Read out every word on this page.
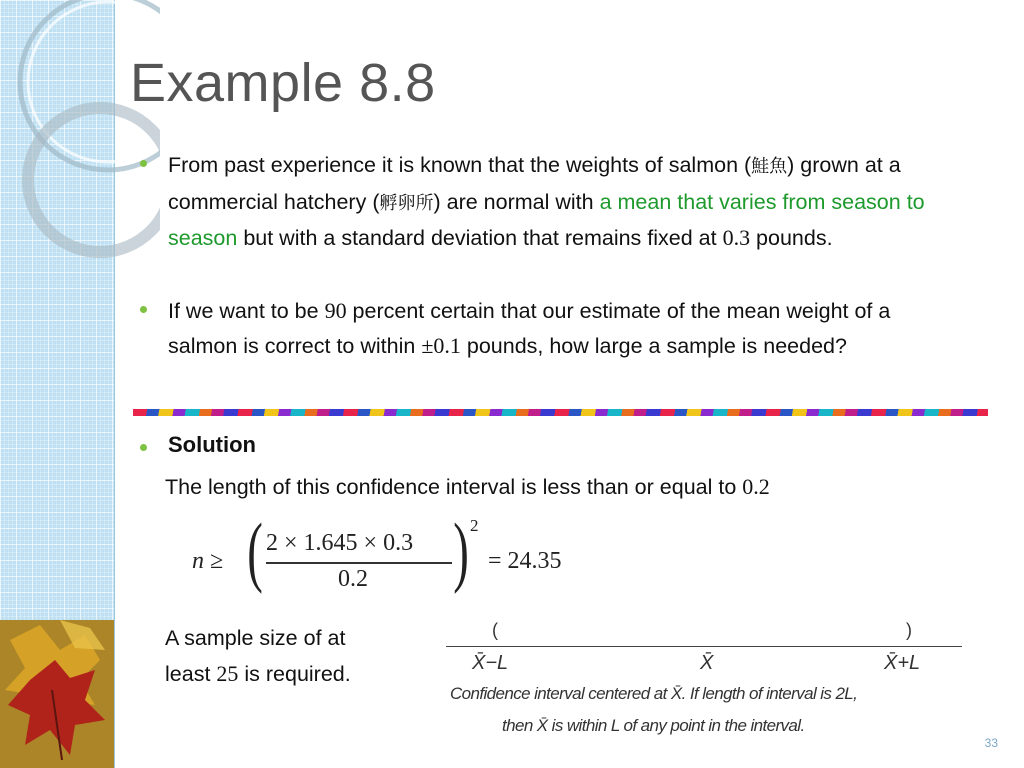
Example 8.8
From past experience it is known that the weights of salmon (鮭魚) grown at a commercial hatchery (孵卵所) are normal with a mean that varies from season to season but with a standard deviation that remains fixed at 0.3 pounds.
If we want to be 90 percent certain that our estimate of the mean weight of a salmon is correct to within ±0.1 pounds, how large a sample is needed?
Solution
The length of this confidence interval is less than or equal to 0.2
n ≥ ( 2 × 1.645 × 0.3
0.2 ) 2
= 24.35
A sample size of at
least 25 is required.
(	)
X̄−L	X̄	X̄+L
Confidence interval centered at X̄. If length of interval is 2L,
then X̄ is within L of any point in the interval.
33
